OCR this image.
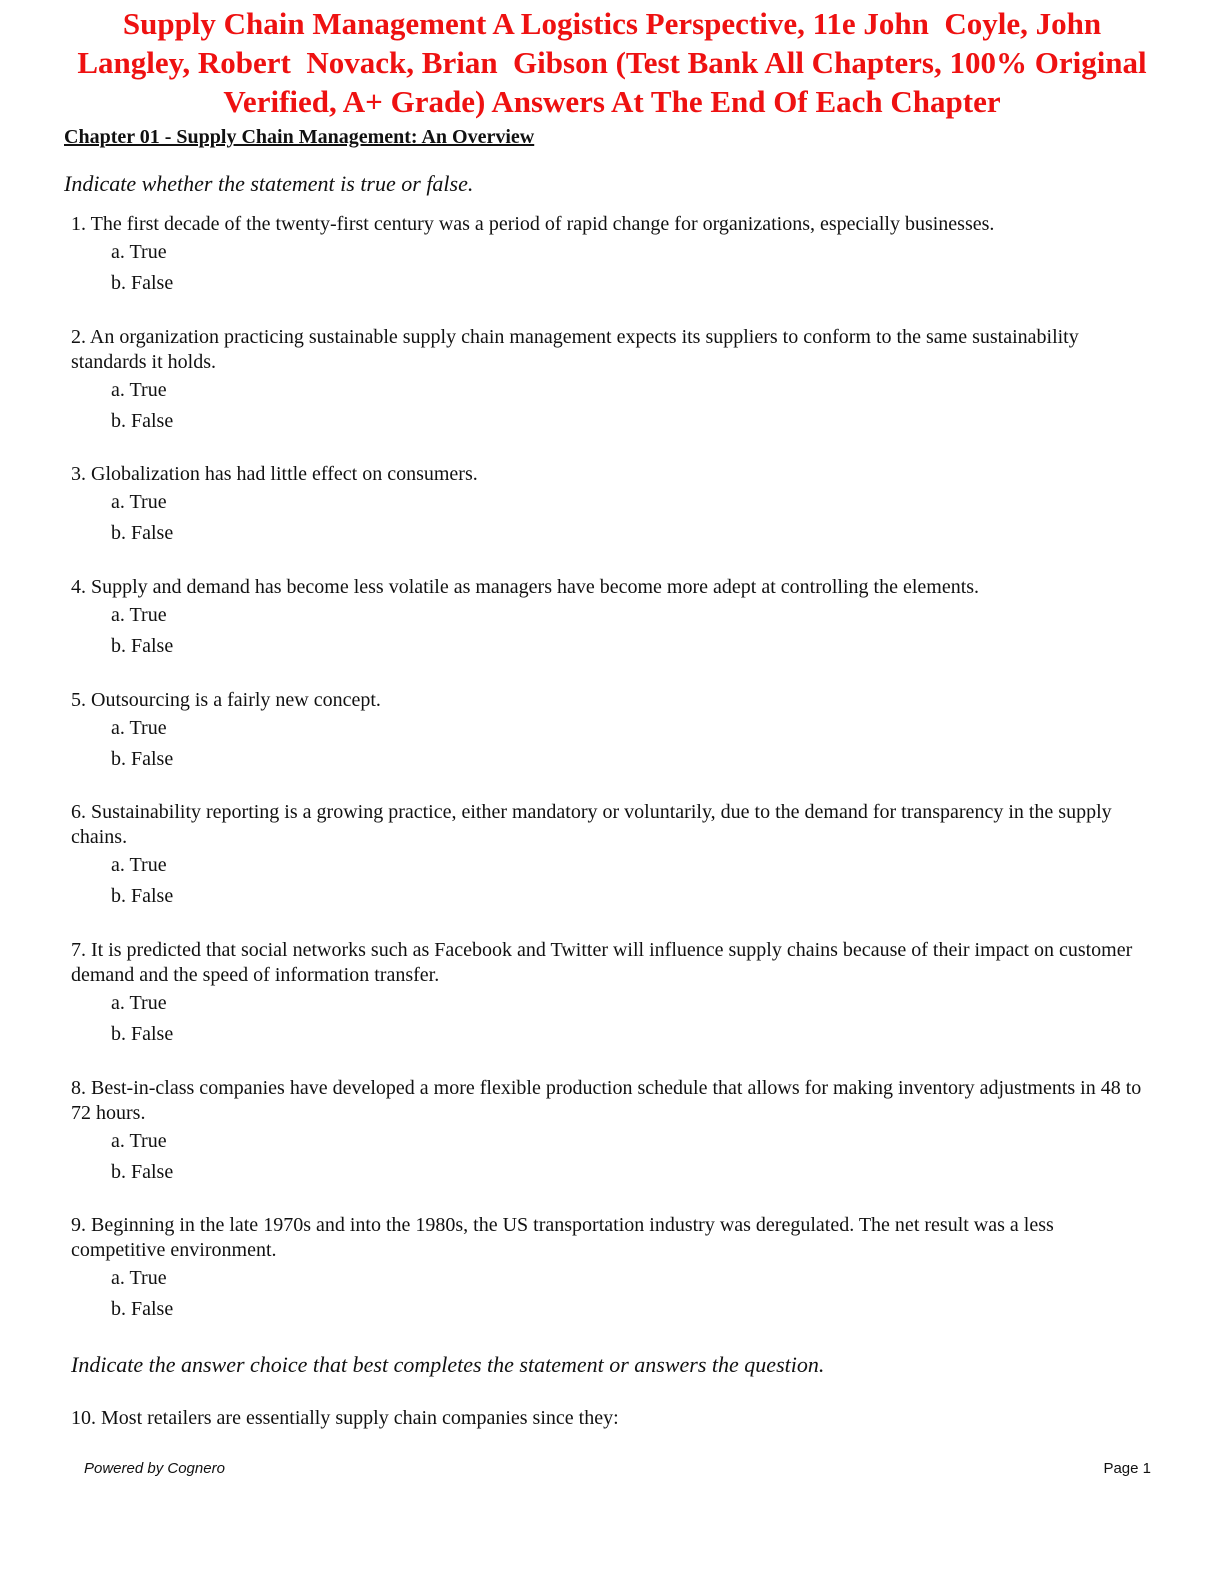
Supply Chain Management A Logistics Perspective, 11e John  Coyle, John
Langley, Robert  Novack, Brian  Gibson (Test Bank All Chapters, 100% Original
Verified, A+ Grade) Answers At The End Of Each Chapter
Chapter 01 - Supply Chain Management: An Overview
Indicate whether the statement is true or false.
1. The first decade of the twenty-first century was a period of rapid change for organizations, especially businesses.
a. True
b. False
2. An organization practicing sustainable supply chain management expects its suppliers to conform to the same sustainability standards it holds.
a. True
b. False
3. Globalization has had little effect on consumers.
a. True
b. False
4. Supply and demand has become less volatile as managers have become more adept at controlling the elements.
a. True
b. False
5. Outsourcing is a fairly new concept.
a. True
b. False
6. Sustainability reporting is a growing practice, either mandatory or voluntarily, due to the demand for transparency in the supply chains.
a. True
b. False
7. It is predicted that social networks such as Facebook and Twitter will influence supply chains because of their impact on customer demand and the speed of information transfer.
a. True
b. False
8. Best-in-class companies have developed a more flexible production schedule that allows for making inventory adjustments in 48 to 72 hours.
a. True
b. False
9. Beginning in the late 1970s and into the 1980s, the US transportation industry was deregulated. The net result was a less competitive environment.
a. True
b. False
Indicate the answer choice that best completes the statement or answers the question.
10. Most retailers are essentially supply chain companies since they:
Powered by Cognero	Page 1
